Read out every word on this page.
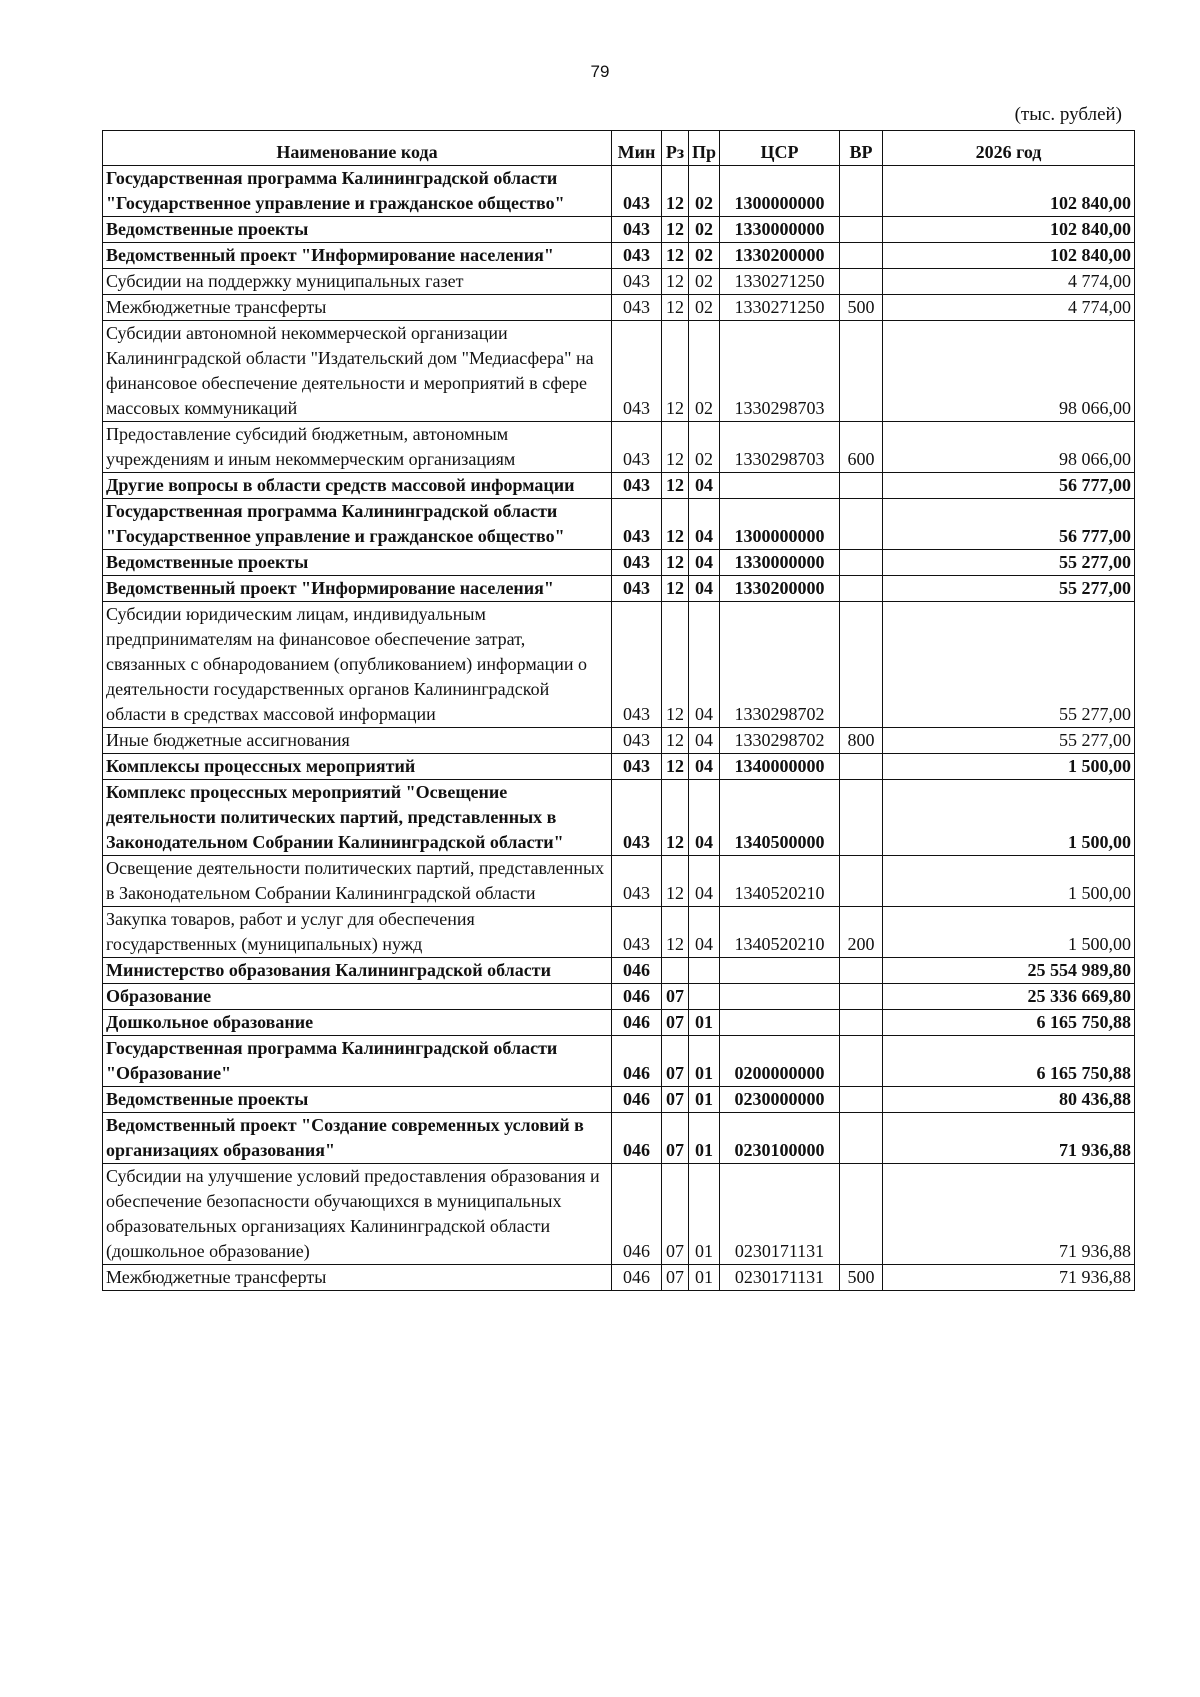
79
(тыс. рублей)
Наименование кода	Мин	Рз	Пр	ЦСР	ВР	2026 год
Государственная программа Калининградской области "Государственное управление и гражданское общество"	043	12	02	1300000000		102 840,00
Ведомственные проекты	043	12	02	1330000000		102 840,00
Ведомственный проект "Информирование населения"	043	12	02	1330200000		102 840,00
Субсидии на поддержку муниципальных газет	043	12	02	1330271250		4 774,00
Межбюджетные трансферты	043	12	02	1330271250	500	4 774,00
Субсидии автономной некоммерческой организации Калининградской области "Издательский дом "Медиасфера" на финансовое обеспечение деятельности и мероприятий в сфере массовых коммуникаций	043	12	02	1330298703		98 066,00
Предоставление субсидий бюджетным, автономным учреждениям и иным некоммерческим организациям	043	12	02	1330298703	600	98 066,00
Другие вопросы в области средств массовой информации	043	12	04			56 777,00
Государственная программа Калининградской области "Государственное управление и гражданское общество"	043	12	04	1300000000		56 777,00
Ведомственные проекты	043	12	04	1330000000		55 277,00
Ведомственный проект "Информирование населения"	043	12	04	1330200000		55 277,00
Субсидии юридическим лицам, индивидуальным предпринимателям на финансовое обеспечение затрат, связанных с обнародованием (опубликованием) информации о деятельности государственных органов Калининградской области в средствах массовой информации	043	12	04	1330298702		55 277,00
Иные бюджетные ассигнования	043	12	04	1330298702	800	55 277,00
Комплексы процессных мероприятий	043	12	04	1340000000		1 500,00
Комплекс процессных мероприятий "Освещение деятельности политических партий, представленных в Законодательном Собрании Калининградской области"	043	12	04	1340500000		1 500,00
Освещение деятельности политических партий, представленных в Законодательном Собрании Калининградской области	043	12	04	1340520210		1 500,00
Закупка товаров, работ и услуг для обеспечения государственных (муниципальных) нужд	043	12	04	1340520210	200	1 500,00
Министерство образования Калининградской области	046					25 554 989,80
Образование	046	07				25 336 669,80
Дошкольное образование	046	07	01			6 165 750,88
Государственная программа Калининградской области "Образование"	046	07	01	0200000000		6 165 750,88
Ведомственные проекты	046	07	01	0230000000		80 436,88
Ведомственный проект "Создание современных условий в организациях образования"	046	07	01	0230100000		71 936,88
Субсидии на улучшение условий предоставления образования и обеспечение безопасности обучающихся в муниципальных образовательных организациях Калининградской области (дошкольное образование)	046	07	01	0230171131		71 936,88
Межбюджетные трансферты	046	07	01	0230171131	500	71 936,88
